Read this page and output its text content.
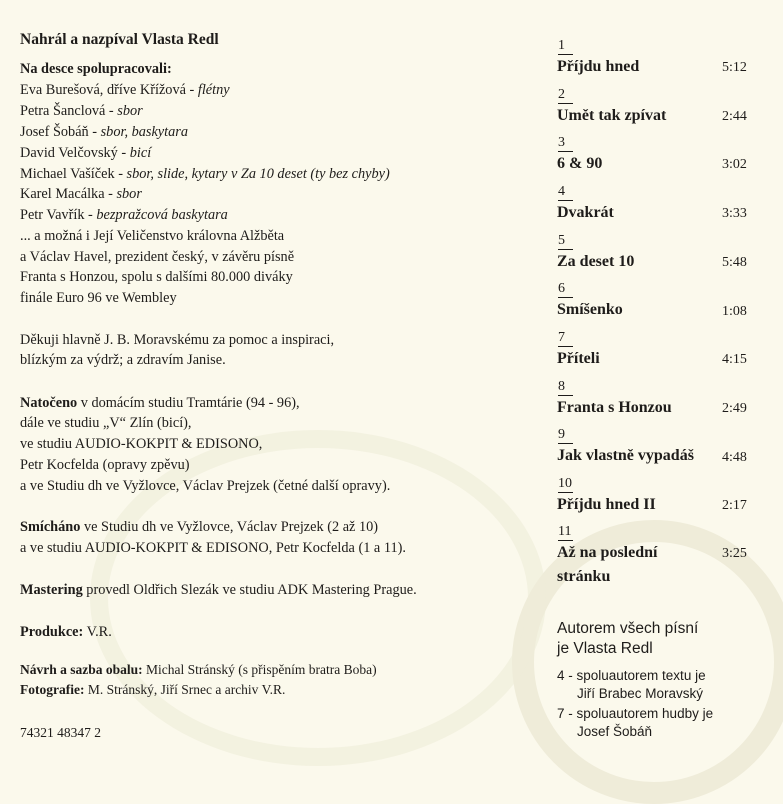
Nahrál a nazpíval Vlasta Redl
Na desce spolupracovali:
Eva Burešová, dříve Křížová - flétny
Petra Šanclová - sbor
Josef Šobáň - sbor, baskytara
David Velčovský - bicí
Michael Vašíček - sbor, slide, kytary v Za 10 deset (ty bez chyby)
Karel Macálka - sbor
Petr Vavřík - bezpražcová baskytara
... a možná i Její Veličenstvo královna Alžběta
a Václav Havel, prezident český, v závěru písně
Franta s Honzou, spolu s dalšími 80.000 diváky
finále Euro 96 ve Wembley
Děkuji hlavně J. B. Moravskému za pomoc a inspiraci,
blízkým za výdrž; a zdravím Janise.
Natočeno v domácím studiu Tramtárie (94 - 96),
dále ve studiu „V“ Zlín (bicí),
ve studiu AUDIO-KOKPIT & EDISONO,
Petr Kocfelda (opravy zpěvu)
a ve Studiu dh ve Vyžlovce, Václav Prejzek (četné další opravy).
Smícháno ve Studiu dh ve Vyžlovce, Václav Prejzek (2 až 10)
a ve studiu AUDIO-KOKPIT & EDISONO, Petr Kocfelda (1 a 11).
Mastering provedl Oldřich Slezák ve studiu ADK Mastering Prague.
Produkce: V.R.
Návrh a sazba obalu: Michal Stránský (s přispěním bratra Boba)
Fotografie: M. Stránský, Jiří Srnec a archiv V.R.
74321 48347 2
1
Příjdu hned	5:12
2
Umět tak zpívat	2:44
3
6 & 90	3:02
4
Dvakrát	3:33
5
Za deset 10	5:48
6
Smíšenko	1:08
7
Příteli	4:15
8
Franta s Honzou	2:49
9
Jak vlastně vypadáš 4:48
10
Příjdu hned II	2:17
11
Až na poslední
stránku
3:25
Autorem všech písní
je Vlasta Redl
4 - spoluautorem textu je
Jiří Brabec Moravský
7 - spoluautorem hudby je
Josef Šobáň
